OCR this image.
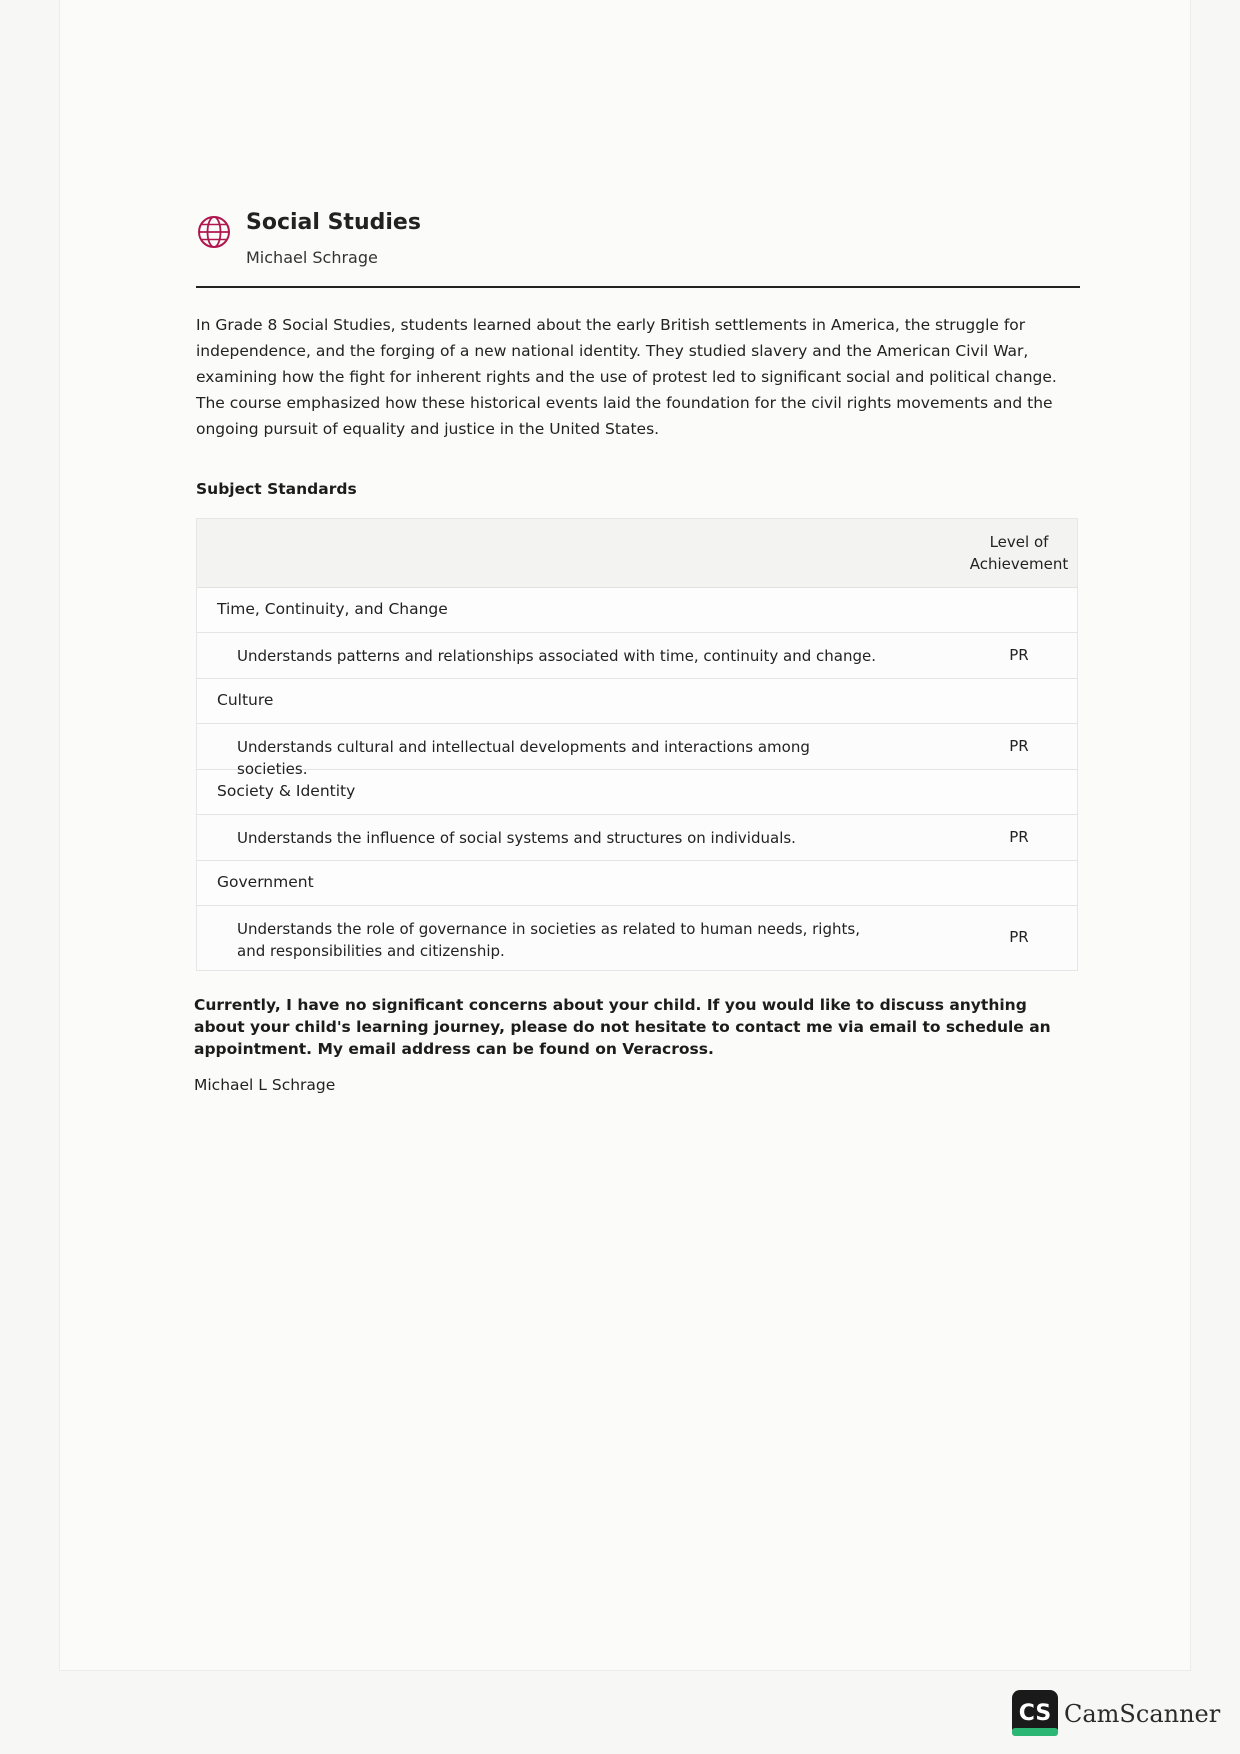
Social Studies
Michael Schrage
In Grade 8 Social Studies, students learned about the early British settlements in America, the struggle for independence, and the forging of a new national identity. They studied slavery and the American Civil War, examining how the fight for inherent rights and the use of protest led to significant social and political change. The course emphasized how these historical events laid the foundation for the civil rights movements and the ongoing pursuit of equality and justice in the United States.
Subject Standards
Level of Achievement
Time, Continuity, and Change
Understands patterns and relationships associated with time, continuity and change.	PR
Culture
Understands cultural and intellectual developments and interactions among societies.
PR
Society & Identity
Understands the influence of social systems and structures on individuals.	PR
Government
Understands the role of governance in societies as related to human needs, rights, and responsibilities and citizenship.
PR
Currently, I have no significant concerns about your child. If you would like to discuss anything about your child's learning journey, please do not hesitate to contact me via email to schedule an appointment. My email address can be found on Veracross.
Michael L Schrage
CS CamScanner
